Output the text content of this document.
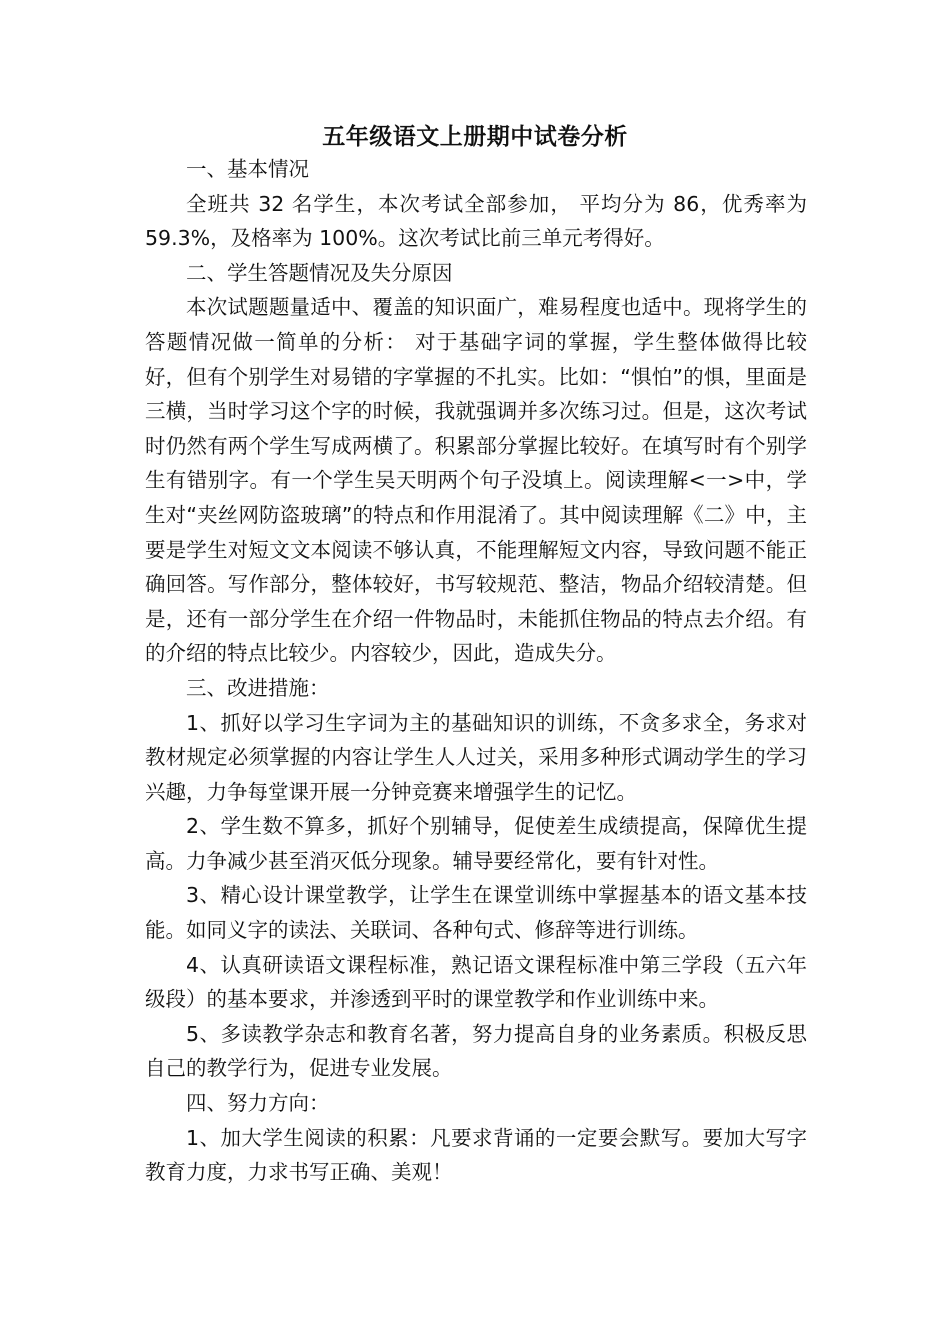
五年级语文上册期中试卷分析

一、基本情况

全班共 32 名学生，本次考试全部参加， 平均分为 86，优秀率为 59.3%，及格率为 100%。这次考试比前三单元考得好。

二、学生答题情况及失分原因

本次试题题量适中、覆盖的知识面广，难易程度也适中。现将学生的答题情况做一简单的分析： 对于基础字词的掌握，学生整体做得比较好，但有个别学生对易错的字掌握的不扎实。比如：“惧怕”的惧，里面是三横，当时学习这个字的时候，我就强调并多次练习过。但是，这次考试时仍然有两个学生写成两横了。积累部分掌握比较好。在填写时有个别学生有错别字。有一个学生吴天明两个句子没填上。阅读理解<一>中，学生对“夹丝网防盗玻璃”的特点和作用混淆了。其中阅读理解《二》中，主要是学生对短文文本阅读不够认真，不能理解短文内容，导致问题不能正确回答。写作部分，整体较好，书写较规范、整洁，物品介绍较清楚。但是，还有一部分学生在介绍一件物品时，未能抓住物品的特点去介绍。有的介绍的特点比较少。内容较少，因此，造成失分。

三、改进措施：

1、抓好以学习生字词为主的基础知识的训练，不贪多求全，务求对教材规定必须掌握的内容让学生人人过关，采用多种形式调动学生的学习兴趣，力争每堂课开展一分钟竞赛来增强学生的记忆。

2、学生数不算多，抓好个别辅导，促使差生成绩提高，保障优生提高。力争减少甚至消灭低分现象。辅导要经常化，要有针对性。

3、精心设计课堂教学，让学生在课堂训练中掌握基本的语文基本技能。如同义字的读法、关联词、各种句式、修辞等进行训练。

4、认真研读语文课程标准，熟记语文课程标准中第三学段（五六年级段）的基本要求，并渗透到平时的课堂教学和作业训练中来。

5、多读教学杂志和教育名著，努力提高自身的业务素质。积极反思自己的教学行为，促进专业发展。

四、努力方向：

1、加大学生阅读的积累：凡要求背诵的一定要会默写。要加大写字教育力度，力求书写正确、美观！
